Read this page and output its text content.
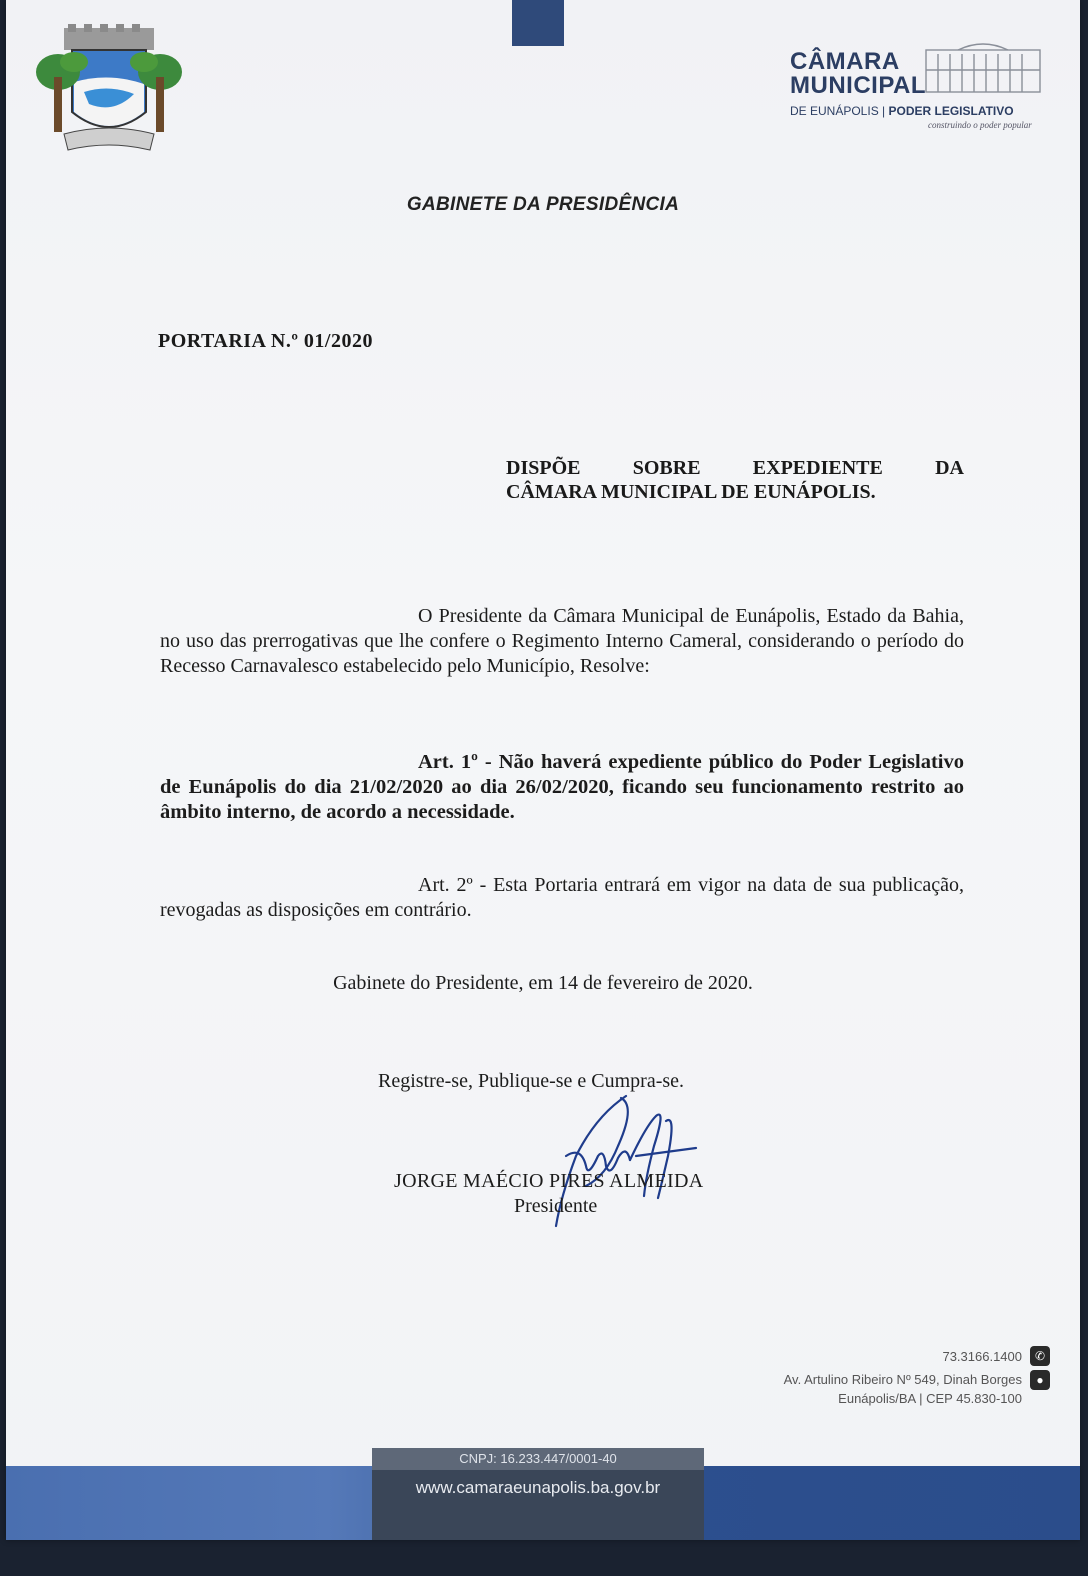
CÂMARA
MUNICIPAL
DE EUNÁPOLIS | PODER LEGISLATIVO
construindo o poder popular
GABINETE DA PRESIDÊNCIA
PORTARIA N.º 01/2020
DISPÕE SOBRE EXPEDIENTE DA
CÂMARA MUNICIPAL DE EUNÁPOLIS.
O Presidente da Câmara Municipal de Eunápolis, Estado da Bahia, no uso das prerrogativas que lhe confere o Regimento Interno Cameral, considerando o período do Recesso Carnavalesco estabelecido pelo Município, Resolve:
Art. 1º - Não haverá expediente público do Poder Legislativo de Eunápolis do dia 21/02/2020 ao dia 26/02/2020, ficando seu funcionamento restrito ao âmbito interno, de acordo a necessidade.
Art. 2º - Esta Portaria entrará em vigor na data de sua publicação, revogadas as disposições em contrário.
Gabinete do Presidente, em 14 de fevereiro de 2020.
Registre-se, Publique-se e Cumpra-se.
JORGE MAÉCIO PIRES ALMEIDA
Presidente
73.3166.1400 ✆
Av. Artulino Ribeiro Nº 549, Dinah Borges
Eunápolis/BA | CEP 45.830-100●
CNPJ: 16.233.447/0001-40
www.camaraeunapolis.ba.gov.br
